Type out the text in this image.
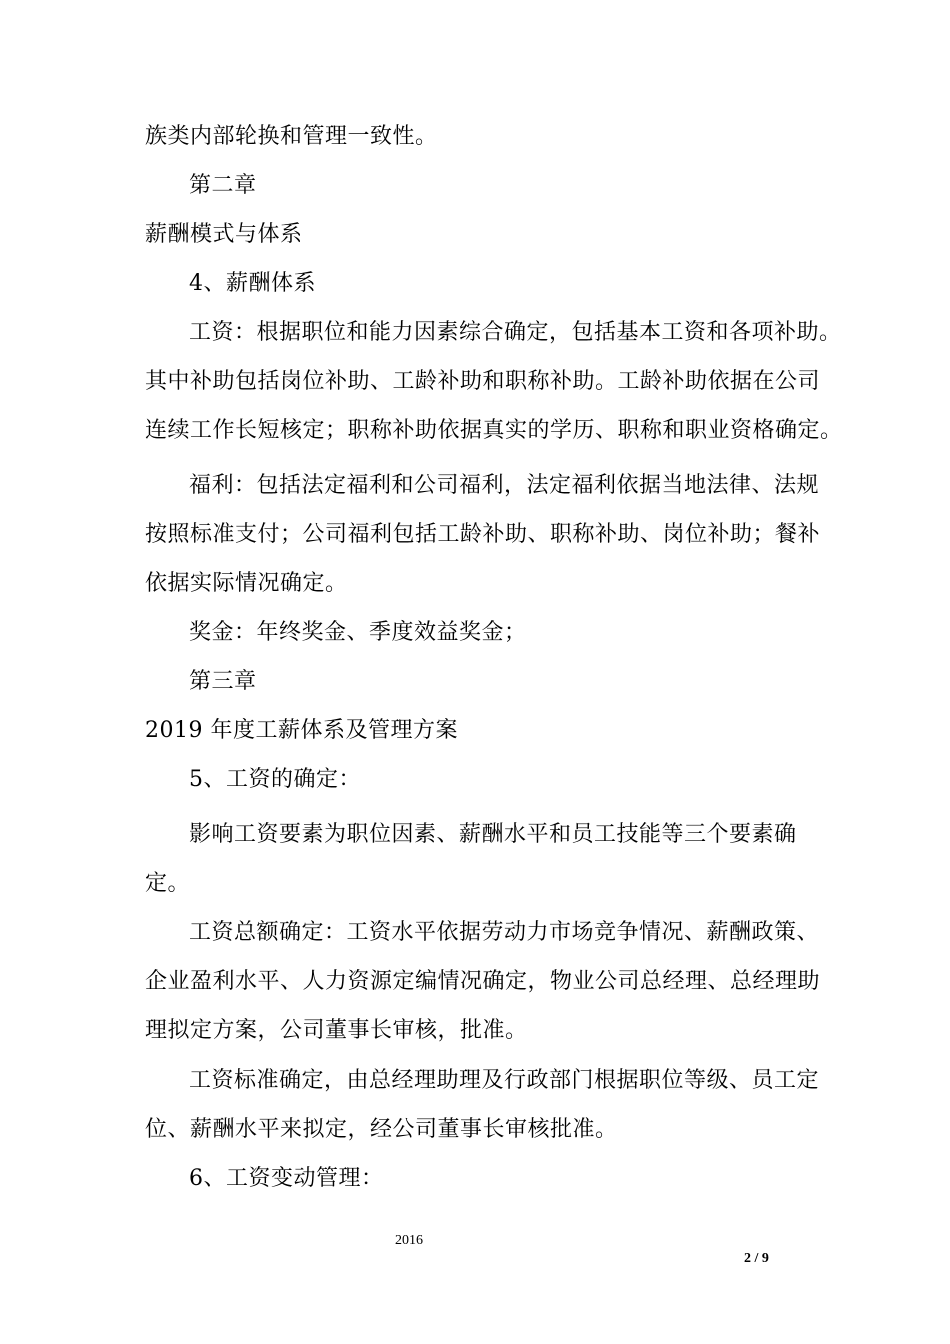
族类内部轮换和管理一致性。
第二章
薪酬模式与体系
4、薪酬体系
工资：根据职位和能力因素综合确定，包括基本工资和各项补助。
其中补助包括岗位补助、工龄补助和职称补助。工龄补助依据在公司
连续工作长短核定；职称补助依据真实的学历、职称和职业资格确定。
福利：包括法定福利和公司福利，法定福利依据当地法律、法规
按照标准支付；公司福利包括工龄补助、职称补助、岗位补助；餐补
依据实际情况确定。
奖金：年终奖金、季度效益奖金；
第三章
2019 年度工薪体系及管理方案
5、工资的确定：
影响工资要素为职位因素、薪酬水平和员工技能等三个要素确
定。
工资总额确定：工资水平依据劳动力市场竞争情况、薪酬政策、
企业盈利水平、人力资源定编情况确定，物业公司总经理、总经理助
理拟定方案，公司董事长审核，批准。
工资标准确定，由总经理助理及行政部门根据职位等级、员工定
位、薪酬水平来拟定，经公司董事长审核批准。
6、工资变动管理：
2016
2 / 9
